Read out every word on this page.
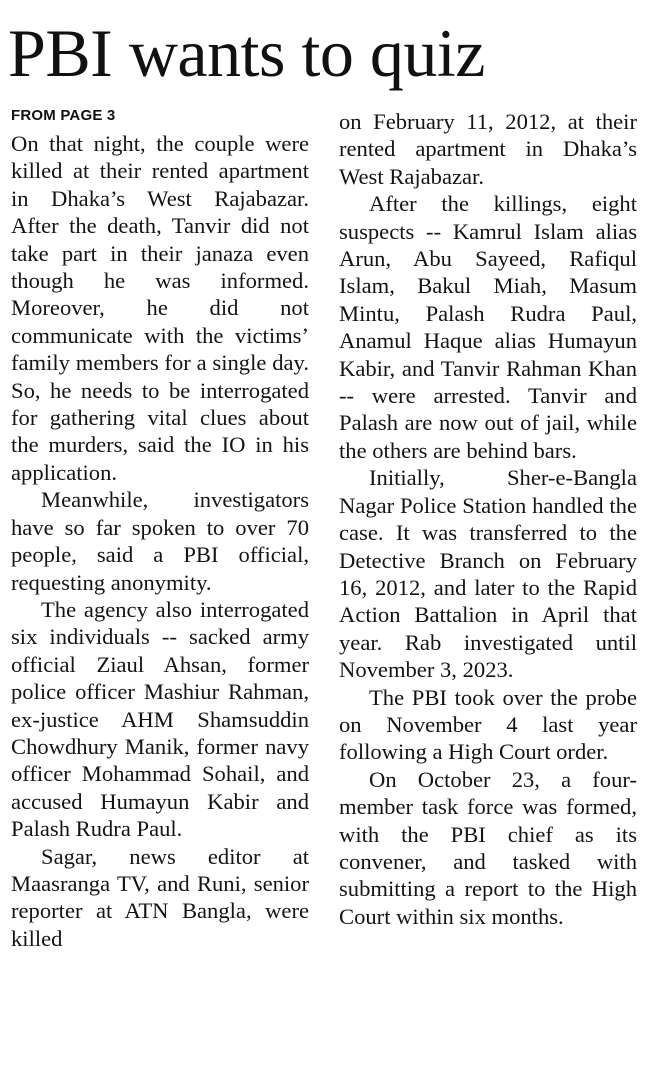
PBI wants to quiz
FROM PAGE 3

On that night, the couple were killed at their rented apartment in Dhaka’s West Rajabazar. After the death, Tanvir did not take part in their janaza even though he was informed. Moreover, he did not communicate with the victims’ family members for a single day. So, he needs to be interrogated for gathering vital clues about the murders, said the IO in his application.

Meanwhile, investigators have so far spoken to over 70 people, said a PBI official, requesting anonymity.

The agency also interrogated six individuals -- sacked army official Ziaul Ahsan, former police officer Mashiur Rahman, ex-justice AHM Shamsuddin Chowdhury Manik, former navy officer Mohammad Sohail, and accused Humayun Kabir and Palash Rudra Paul.

Sagar, news editor at Maasranga TV, and Runi, senior reporter at ATN Bangla, were killed

on February 11, 2012, at their rented apartment in Dhaka’s West Rajabazar.

After the killings, eight suspects -- Kamrul Islam alias Arun, Abu Sayeed, Rafiqul Islam, Bakul Miah, Masum Mintu, Palash Rudra Paul, Anamul Haque alias Humayun Kabir, and Tanvir Rahman Khan -- were arrested. Tanvir and Palash are now out of jail, while the others are behind bars.

Initially, Sher-e-Bangla Nagar Police Station handled the case. It was transferred to the Detective Branch on February 16, 2012, and later to the Rapid Action Battalion in April that year. Rab investigated until November 3, 2023.

The PBI took over the probe on November 4 last year following a High Court order.

On October 23, a four-member task force was formed, with the PBI chief as its convener, and tasked with submitting a report to the High Court within six months.
